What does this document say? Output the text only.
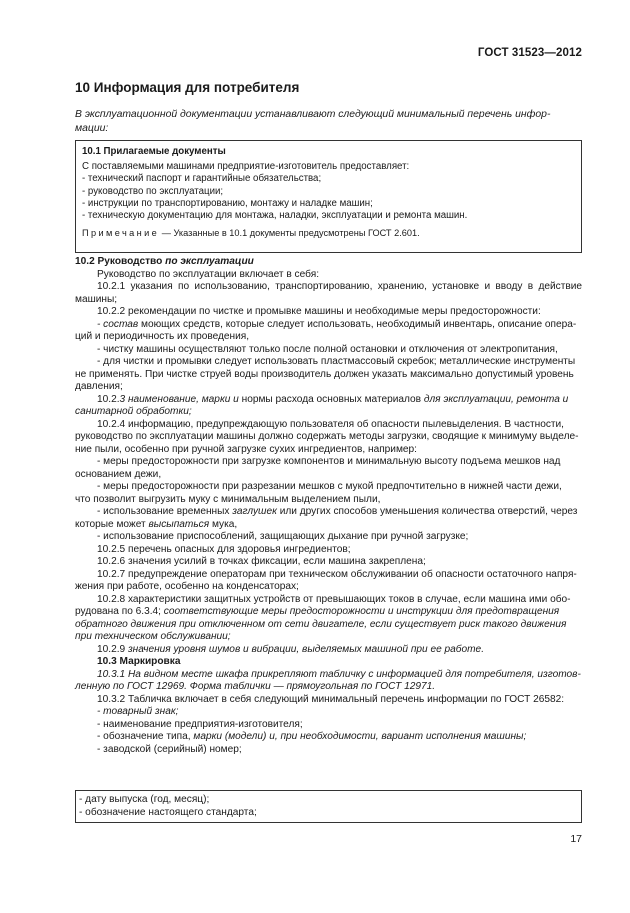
ГОСТ 31523—2012
10 Информация для потребителя
В эксплуатационной документации устанавливают следующий минимальный перечень инфор-
мации:
10.1 Прилагаемые документы
С поставляемыми машинами предприятие-изготовитель предоставляет:
- технический паспорт и гарантийные обязательства;
- руководство по эксплуатации;
- инструкции по транспортированию, монтажу и наладке машин;
- техническую документацию для монтажа, наладки, эксплуатации и ремонта машин.
Примечание — Указанные в 10.1 документы предусмотрены ГОСТ 2.601.
10.2 Руководство по эксплуатации
Руководство по эксплуатации включает в себя:
10.2.1 указания по использованию, транспортированию, хранению, установке и вводу в действие
машины;
10.2.2 рекомендации по чистке и промывке машины и необходимые меры предосторожности:
- состав моющих средств, которые следует использовать, необходимый инвентарь, описание опера-
ций и периодичность их проведения,
- чистку машины осуществляют только после полной остановки и отключения от электропитания,
- для чистки и промывки следует использовать пластмассовый скребок; металлические инструменты
не применять. При чистке струей воды производитель должен указать максимально допустимый уровень
давления;
10.2.3 наименование, марки и нормы расхода основных материалов для эксплуатации, ремонта и
санитарной обработки;
10.2.4 информацию, предупреждающую пользователя об опасности пылевыделения. В частности,
руководство по эксплуатации машины должно содержать методы загрузки, сводящие к минимуму выделе-
ние пыли, особенно при ручной загрузке сухих ингредиентов, например:
- меры предосторожности при загрузке компонентов и минимальную высоту подъема мешков над
основанием дежи,
- меры предосторожности при разрезании мешков с мукой предпочтительно в нижней части дежи,
что позволит выгрузить муку с минимальным выделением пыли,
- использование временных заглушек или других способов уменьшения количества отверстий, через
которые может высыпаться мука,
- использование приспособлений, защищающих дыхание при ручной загрузке;
10.2.5 перечень опасных для здоровья ингредиентов;
10.2.6 значения усилий в точках фиксации, если машина закреплена;
10.2.7 предупреждение операторам при техническом обслуживании об опасности остаточного напря-
жения при работе, особенно на конденсаторах;
10.2.8 характеристики защитных устройств от превышающих токов в случае, если машина ими обо-
рудована по 6.3.4; соответствующие меры предосторожности и инструкции для предотвращения
обратного движения при отключенном от сети двигателе, если существует риск такого движения
при техническом обслуживании;
10.2.9 значения уровня шумов и вибрации, выделяемых машиной при ее работе.
10.3 Маркировка
10.3.1 На видном месте шкафа прикрепляют табличку с информацией для потребителя, изготов-
ленную по ГОСТ 12969. Форма таблички — прямоугольная по ГОСТ 12971.
10.3.2 Табличка включает в себя следующий минимальный перечень информации по ГОСТ 26582:
- товарный знак;
- наименование предприятия-изготовителя;
- обозначение типа, марки (модели) и, при необходимости, вариант исполнения машины;
- заводской (серийный) номер;
- дату выпуска (год, месяц);
- обозначение настоящего стандарта;
17
